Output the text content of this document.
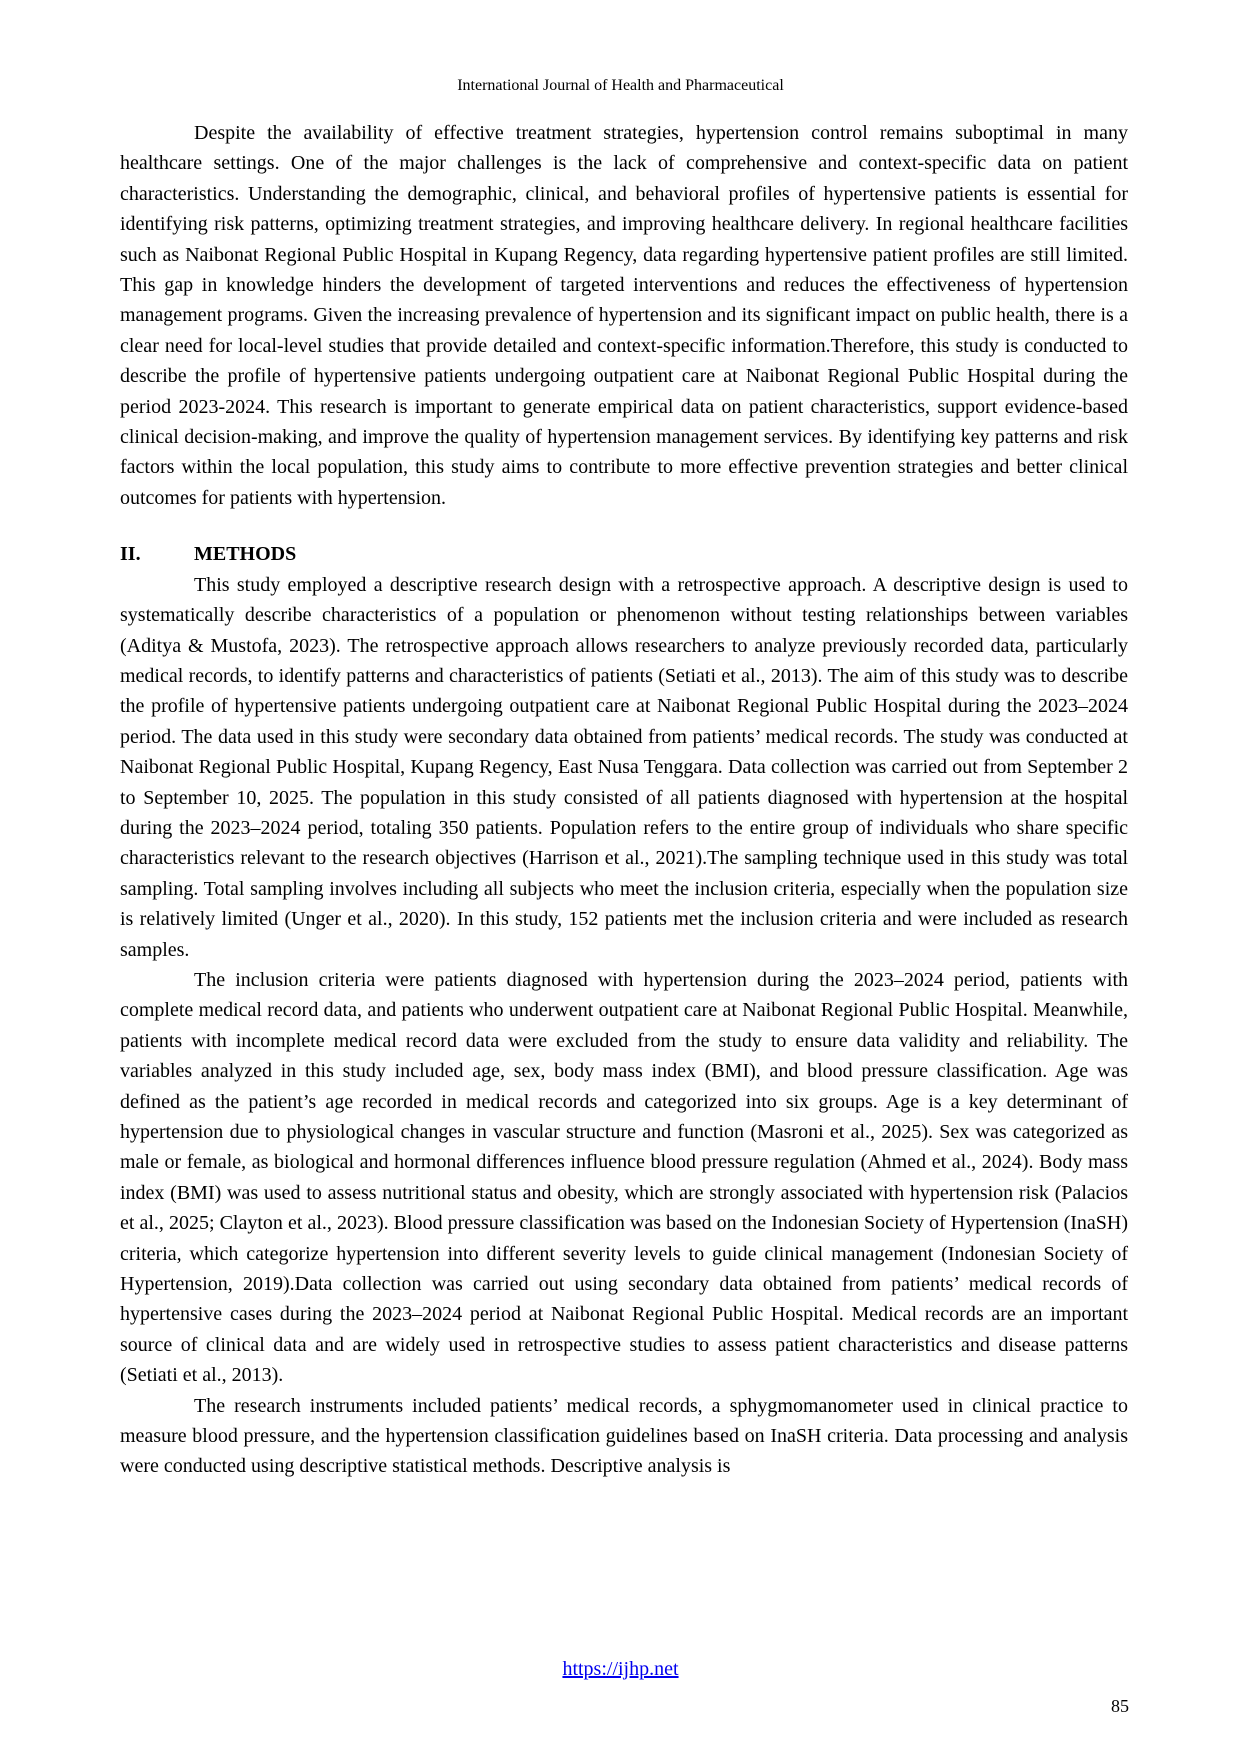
International Journal of Health and Pharmaceutical

Despite the availability of effective treatment strategies, hypertension control remains suboptimal in many healthcare settings. One of the major challenges is the lack of comprehensive and context-specific data on patient characteristics. Understanding the demographic, clinical, and behavioral profiles of hypertensive patients is essential for identifying risk patterns, optimizing treatment strategies, and improving healthcare delivery. In regional healthcare facilities such as Naibonat Regional Public Hospital in Kupang Regency, data regarding hypertensive patient profiles are still limited. This gap in knowledge hinders the development of targeted interventions and reduces the effectiveness of hypertension management programs. Given the increasing prevalence of hypertension and its significant impact on public health, there is a clear need for local-level studies that provide detailed and context-specific information.Therefore, this study is conducted to describe the profile of hypertensive patients undergoing outpatient care at Naibonat Regional Public Hospital during the period 2023-2024. This research is important to generate empirical data on patient characteristics, support evidence-based clinical decision-making, and improve the quality of hypertension management services. By identifying key patterns and risk factors within the local population, this study aims to contribute to more effective prevention strategies and better clinical outcomes for patients with hypertension.

II.	METHODS

This study employed a descriptive research design with a retrospective approach. A descriptive design is used to systematically describe characteristics of a population or phenomenon without testing relationships between variables (Aditya & Mustofa, 2023). The retrospective approach allows researchers to analyze previously recorded data, particularly medical records, to identify patterns and characteristics of patients (Setiati et al., 2013). The aim of this study was to describe the profile of hypertensive patients undergoing outpatient care at Naibonat Regional Public Hospital during the 2023–2024 period. The data used in this study were secondary data obtained from patients’ medical records. The study was conducted at Naibonat Regional Public Hospital, Kupang Regency, East Nusa Tenggara. Data collection was carried out from September 2 to September 10, 2025. The population in this study consisted of all patients diagnosed with hypertension at the hospital during the 2023–2024 period, totaling 350 patients. Population refers to the entire group of individuals who share specific characteristics relevant to the research objectives (Harrison et al., 2021).The sampling technique used in this study was total sampling. Total sampling involves including all subjects who meet the inclusion criteria, especially when the population size is relatively limited (Unger et al., 2020). In this study, 152 patients met the inclusion criteria and were included as research samples.

The inclusion criteria were patients diagnosed with hypertension during the 2023–2024 period, patients with complete medical record data, and patients who underwent outpatient care at Naibonat Regional Public Hospital. Meanwhile, patients with incomplete medical record data were excluded from the study to ensure data validity and reliability. The variables analyzed in this study included age, sex, body mass index (BMI), and blood pressure classification. Age was defined as the patient’s age recorded in medical records and categorized into six groups. Age is a key determinant of hypertension due to physiological changes in vascular structure and function (Masroni et al., 2025). Sex was categorized as male or female, as biological and hormonal differences influence blood pressure regulation (Ahmed et al., 2024). Body mass index (BMI) was used to assess nutritional status and obesity, which are strongly associated with hypertension risk (Palacios et al., 2025; Clayton et al., 2023). Blood pressure classification was based on the Indonesian Society of Hypertension (InaSH) criteria, which categorize hypertension into different severity levels to guide clinical management (Indonesian Society of Hypertension, 2019).Data collection was carried out using secondary data obtained from patients’ medical records of hypertensive cases during the 2023–2024 period at Naibonat Regional Public Hospital. Medical records are an important source of clinical data and are widely used in retrospective studies to assess patient characteristics and disease patterns (Setiati et al., 2013).

The research instruments included patients’ medical records, a sphygmomanometer used in clinical practice to measure blood pressure, and the hypertension classification guidelines based on InaSH criteria. Data processing and analysis were conducted using descriptive statistical methods. Descriptive analysis is

https://ijhp.net
85
